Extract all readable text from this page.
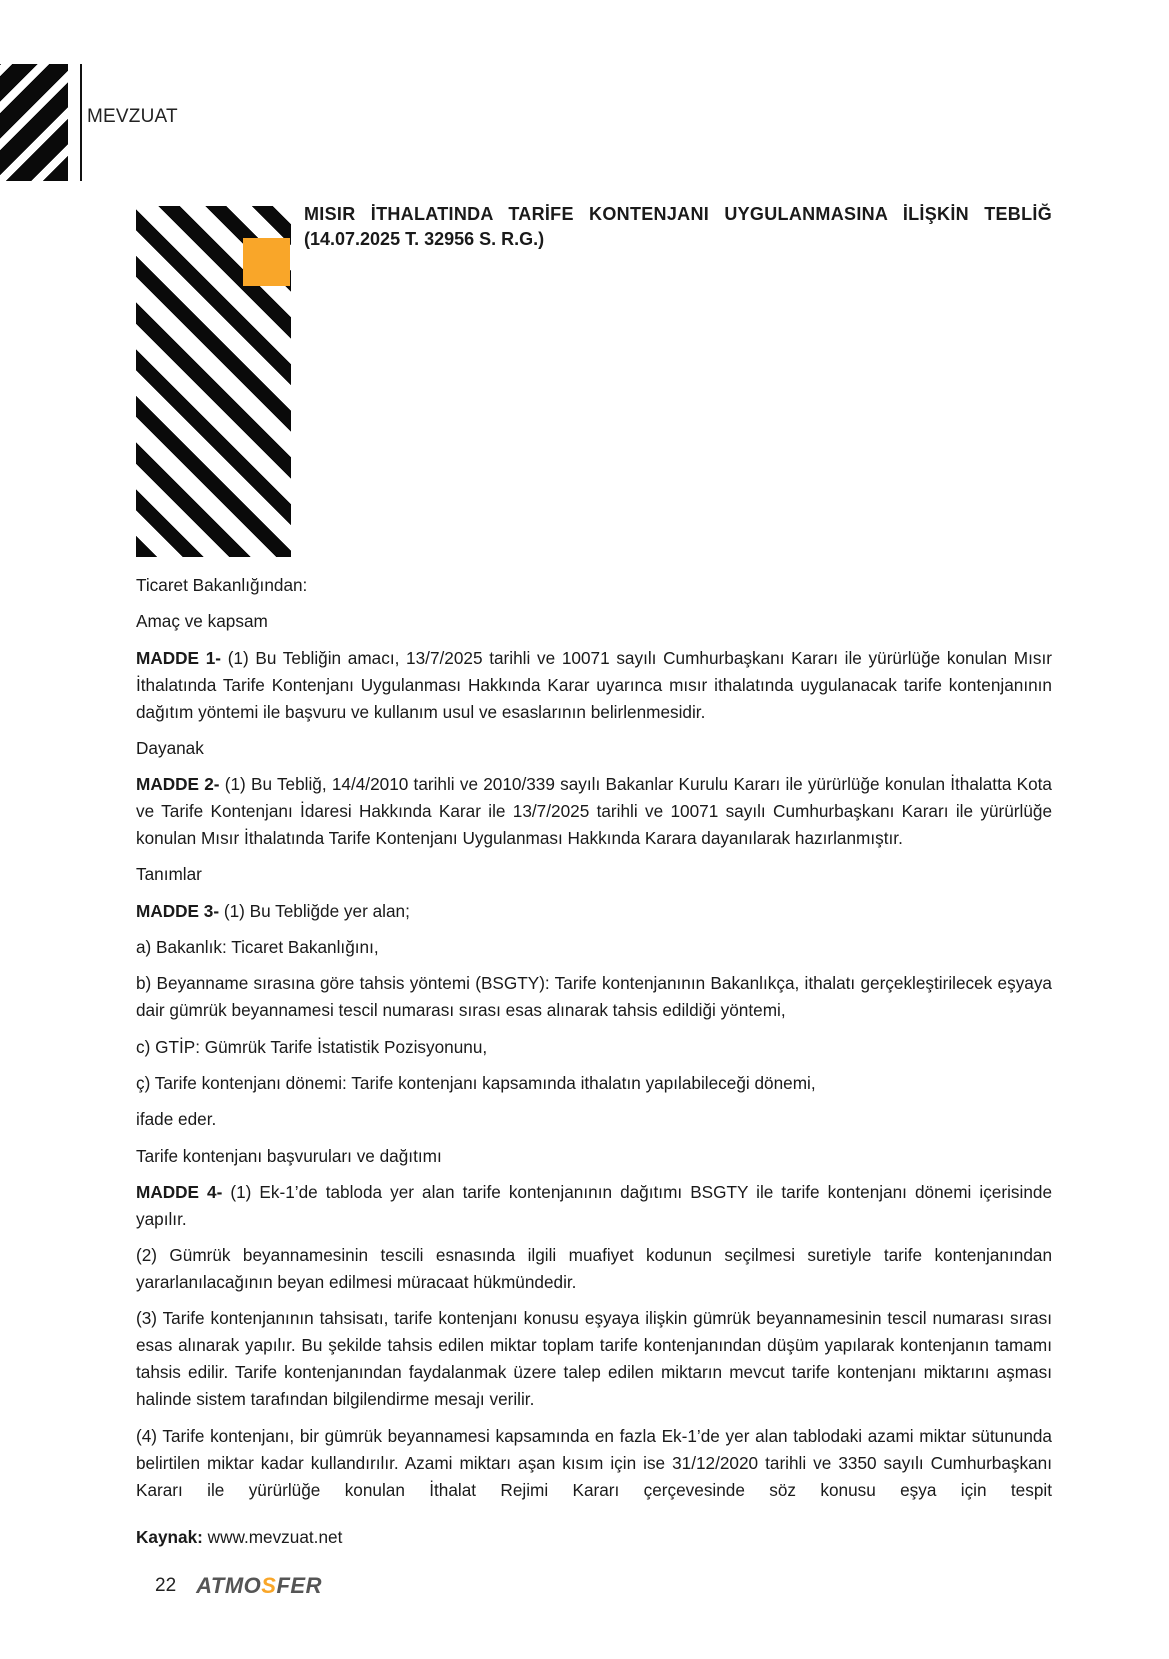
MEVZUAT
MISIR İTHALATINDA TARİFE KONTENJANI UYGULANMASINA İLİŞKİN TEBLİĞ
(14.07.2025 T. 32956 S. R.G.)

Ticaret Bakanlığından:

Amaç ve kapsam

MADDE 1- (1) Bu Tebliğin amacı, 13/7/2025 tarihli ve 10071 sayılı Cumhurbaşkanı Kararı ile yürürlüğe konulan Mısır İthalatında Tarife Kontenjanı Uygulanması Hakkında Karar uyarınca mısır ithalatında uygulanacak tarife kontenjanının dağıtım yöntemi ile başvuru ve kullanım usul ve esaslarının belirlenmesidir.

Dayanak

MADDE 2- (1) Bu Tebliğ, 14/4/2010 tarihli ve 2010/339 sayılı Bakanlar Kurulu Kararı ile yürürlüğe konulan İthalatta Kota ve Tarife Kontenjanı İdaresi Hakkında Karar ile 13/7/2025 tarihli ve 10071 sayılı Cumhurbaşkanı Kararı ile yürürlüğe konulan Mısır İthalatında Tarife Kontenjanı Uygulanması Hakkında Karara dayanılarak hazırlanmıştır.

Tanımlar

MADDE 3- (1) Bu Tebliğde yer alan;

a) Bakanlık: Ticaret Bakanlığını,

b) Beyanname sırasına göre tahsis yöntemi (BSGTY): Tarife kontenjanının Bakanlıkça, ithalatı gerçekleştirilecek eşyaya dair gümrük beyannamesi tescil numarası sırası esas alınarak tahsis edildiği yöntemi,

c) GTİP: Gümrük Tarife İstatistik Pozisyonunu,

ç) Tarife kontenjanı dönemi: Tarife kontenjanı kapsamında ithalatın yapılabileceği dönemi,

ifade eder.

Tarife kontenjanı başvuruları ve dağıtımı

MADDE 4- (1) Ek-1’de tabloda yer alan tarife kontenjanının dağıtımı BSGTY ile tarife kontenjanı dönemi içerisinde yapılır.

(2) Gümrük beyannamesinin tescili esnasında ilgili muafiyet kodunun seçilmesi suretiyle tarife kontenjanından yararlanılacağının beyan edilmesi müracaat hükmündedir.

(3) Tarife kontenjanının tahsisatı, tarife kontenjanı konusu eşyaya ilişkin gümrük beyannamesinin tescil numarası sırası esas alınarak yapılır. Bu şekilde tahsis edilen miktar toplam tarife kontenjanından düşüm yapılarak kontenjanın tamamı tahsis edilir. Tarife kontenjanından faydalanmak üzere talep edilen miktarın mevcut tarife kontenjanı miktarını aşması halinde sistem tarafından bilgilendirme mesajı verilir.

(4) Tarife kontenjanı, bir gümrük beyannamesi kapsamında en fazla Ek-1’de yer alan tablodaki azami miktar sütununda belirtilen miktar kadar kullandırılır. Azami miktarı aşan kısım için ise 31/12/2020 tarihli ve 3350 sayılı Cumhurbaşkanı Kararı ile yürürlüğe konulan İthalat Rejimi Kararı çerçevesinde söz konusu eşya için tespit

Kaynak: www.mevzuat.net
22 ATMOSFER
